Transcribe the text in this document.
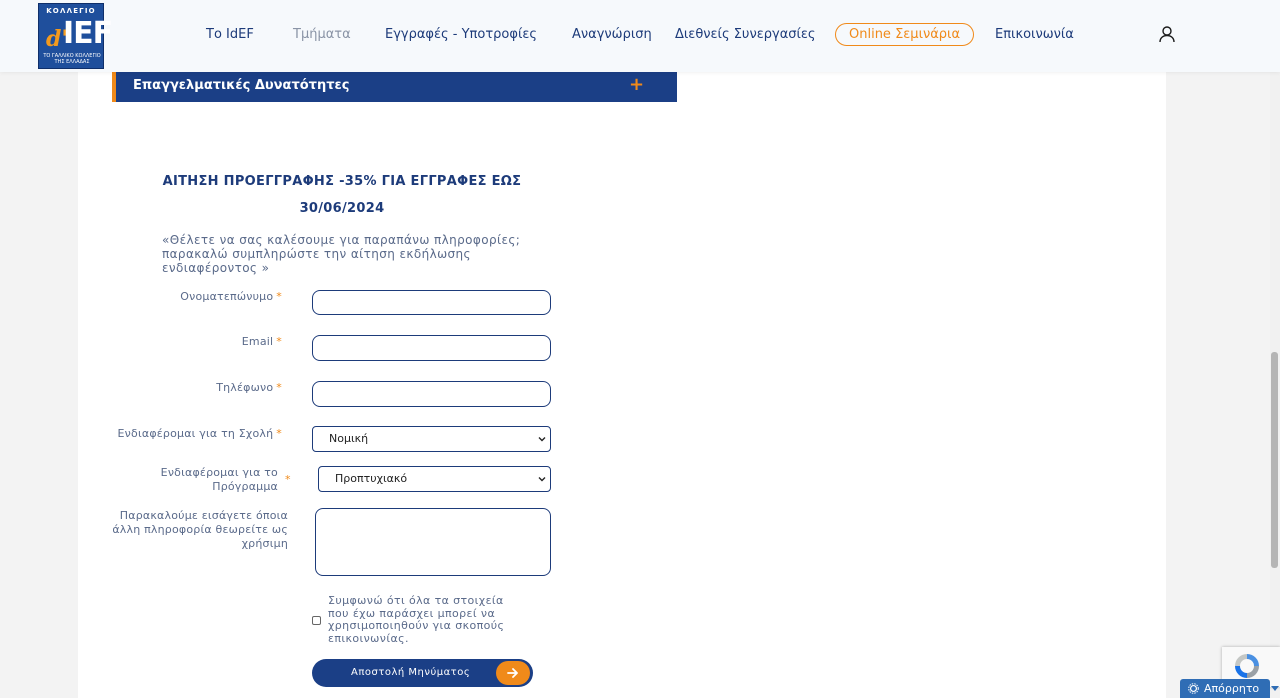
ΚΟΛΛΕΓΙΟ
d'
IEF
ΤΟ ΓΑΛΛΙΚΟ ΚΟΛΛΕΓΙΟ ΤΗΣ ΕΛΛΑΔΑΣ
Το IdEF	Τμήματα	Εγγραφές - Υποτροφίες	Αναγνώριση Διεθνείς Συνεργασίες	Online Σεμινάρια	Επικοινωνία
Επαγγελματικές Δυνατότητες	+
ΑΙΤΗΣΗ ΠΡΟΕΓΓΡΑΦΗΣ -35% ΓΙΑ ΕΓΓΡΑΦΕΣ ΕΩΣ
30/06/2024
«Θέλετε να σας καλέσουμε για παραπάνω πληροφορίες; παρακαλώ συμπληρώστε την αίτηση εκδήλωσης ενδιαφέροντος »
Ονοματεπώνυμο *
Email *
Τηλέφωνο *
Ενδιαφέρομαι για τη Σχολή *	Νομική
Ενδιαφέρομαι για το
Πρόγραμμα
*	Προπτυχιακό
Παρακαλούμε εισάγετε όποια άλλη πληροφορία θεωρείτε ως χρήσιμη
Συμφωνώ ότι όλα τα στοιχεία που έχω παράσχει μπορεί να χρησιμοποιηθούν για σκοπούς επικοινωνίας.
Αποστολή Μηνύματος
Απόρρητο
